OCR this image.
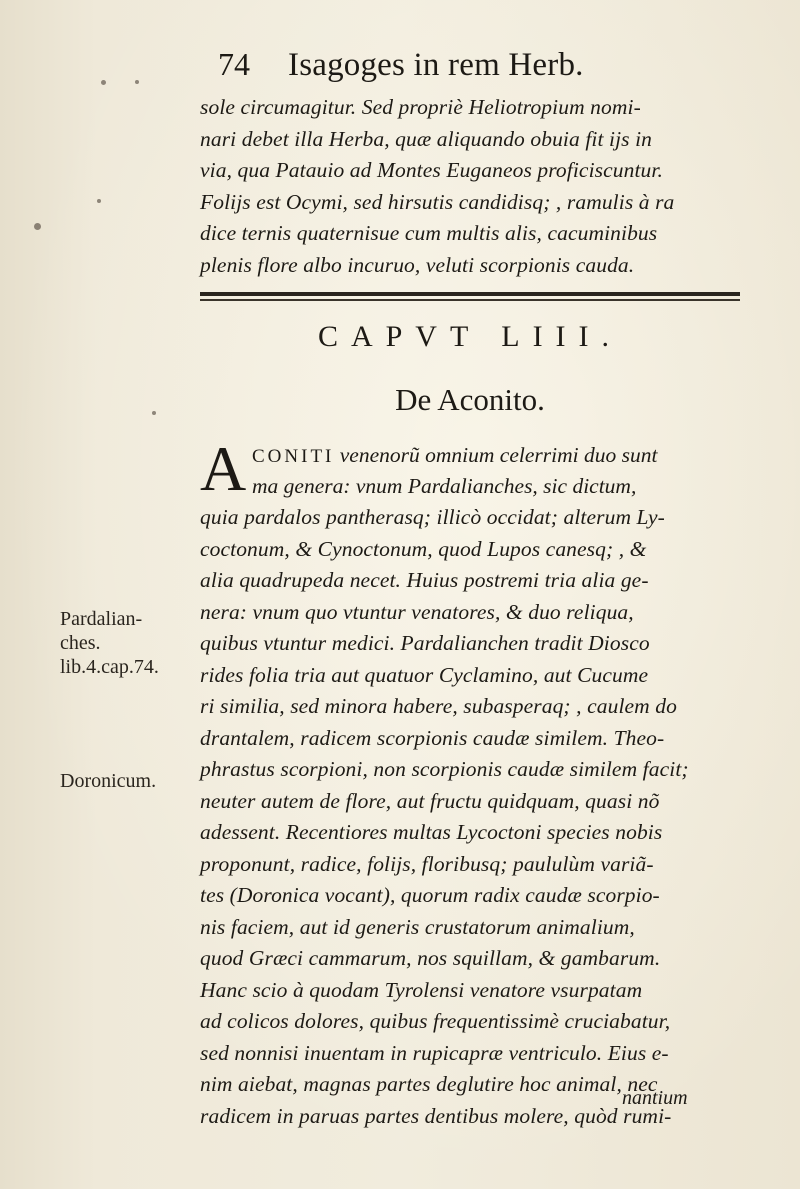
74	Isagoges in rem Herb.
sole circumagitur. Sed propriè Heliotropium nomi-
nari debet illa Herba, quæ aliquando obuia fit ijs in
via, qua Patauio ad Montes Euganeos proficiscuntur.
Folijs est Ocymi, sed hirsutis candidisq; , ramulis à ra
dice ternis quaternisue cum multis alis, cacuminibus
plenis flore albo incuruo, veluti scorpionis cauda.
CAPVT LIII.
De Aconito.
A CONITI venenorũ omnium celerrimi duo sunt
ma genera: vnum Pardalianches, sic dictum,
quia pardalos pantherasq; illicò occidat; alterum Ly-
coctonum, & Cynoctonum, quod Lupos canesq; , &
alia quadrupeda necet. Huius postremi tria alia ge-
nera: vnum quo vtuntur venatores, & duo reliqua,
quibus vtuntur medici. Pardalianchen tradit Diosco
rides folia tria aut quatuor Cyclamino, aut Cucume
ri similia, sed minora habere, subasperaq; , caulem do
drantalem, radicem scorpionis caudæ similem. Theo-
phrastus scorpioni, non scorpionis caudæ similem facit;
neuter autem de flore, aut fructu quidquam, quasi nõ
adessent. Recentiores multas Lycoctoni species nobis
proponunt, radice, folijs, floribusq; paululùm variã-
tes (Doronica vocant), quorum radix caudæ scorpio-
nis faciem, aut id generis crustatorum animalium,
quod Græci cammarum, nos squillam, & gambarum.
Hanc scio à quodam Tyrolensi venatore vsurpatam
ad colicos dolores, quibus frequentissimè cruciabatur,
sed nonnisi inuentam in rupicapræ ventriculo. Eius e-
nim aiebat, magnas partes deglutire hoc animal, nec
radicem in paruas partes dentibus molere, quòd rumi-
nantium
Pardalian-
ches.
lib.4.cap.74.
Doronicum.
